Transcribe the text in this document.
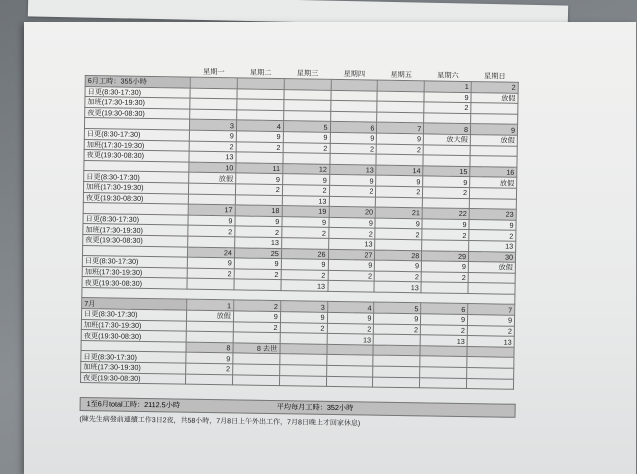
	星期一	星期二	星期三	星期四	星期五	星期六	星期日
6月工時：355小時						1	2
日更(8:30-17:30)						9	放假
加班(17:30-19:30)						2	
夜更(19:30-08:30)							
	3	4	5	6	7	8	9
日更(8:30-17:30)	9	9	9	9	9	放大假	放假
加班(17:30-19:30)	2	2	2	2	2		
夜更(19:30-08:30)	13						
	10	11	12	13	14	15	16
日更(8:30-17:30)	放假	9	9	9	9	9	放假
加班(17:30-19:30)		2	2	2	2	2	
夜更(19:30-08:30)			13				
	17	18	19	20	21	22	23
日更(8:30-17:30)	9	9	9	9	9	9	9
加班(17:30-19:30)	2	2	2	2	2	2	2
夜更(19:30-08:30)		13		13			13
	24	25	26	27	28	29	30
日更(8:30-17:30)	9	9	9	9	9	9	放假
加班(17:30-19:30)	2	2	2	2	2	2	
夜更(19:30-08:30)			13		13		

7月	1	2	3	4	5	6	7
日更(8:30-17:30)	放假	9	9	9	9	9	9
加班(17:30-19:30)		2	2	2	2	2	2
夜更(19:30-08:30)				13		13	13
	8	8 去世					
日更(8:30-17:30)	9						
加班(17:30-19:30)	2						
夜更(19:30-08:30)							
1至6月total工時：2112.5小時	平均每月工時：352小時
(陳先生病發前連續工作3日2夜，共58小時，7月8日上午外出工作，7月8日晚上才回家休息)
